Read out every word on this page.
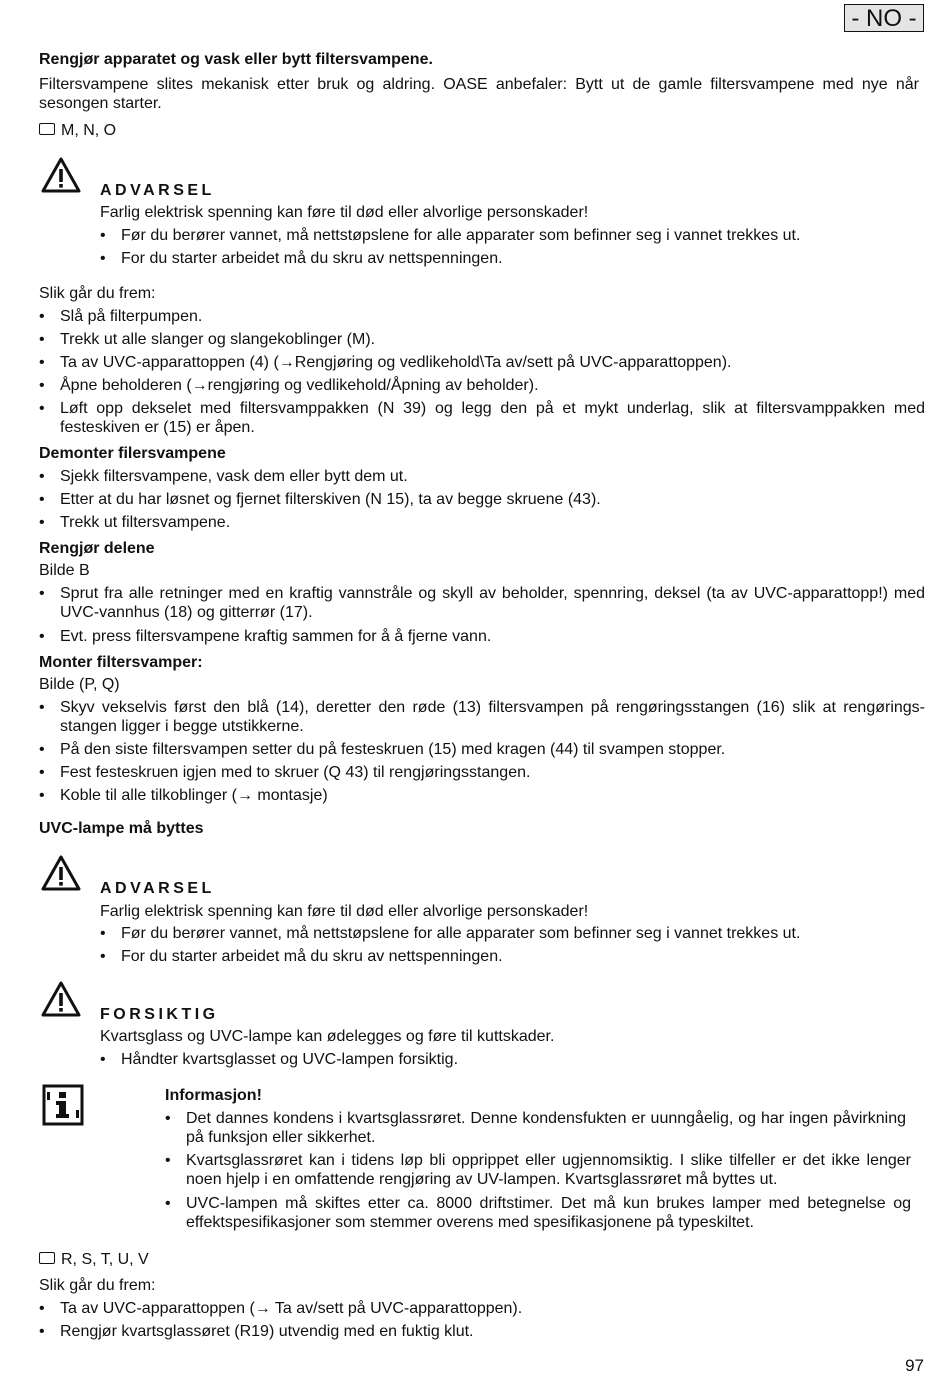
- NO -
Rengjør apparatet og vask eller bytt filtersvampene.
Filtersvampene slites mekanisk etter bruk og aldring. OASE anbefaler: Bytt ut de gamle filtersvampene med nye når sesongen starter.
M, N, O
ADVARSEL
Farlig elektrisk spenning kan føre til død eller alvorlige personskader!
• Før du berører vannet, må nettstøpslene for alle apparater som befinner seg i vannet trekkes ut.
• For du starter arbeidet må du skru av nettspenningen.
Slik går du frem:
• Slå på filterpumpen.
• Trekk ut alle slanger og slangekoblinger (M).
• Ta av UVC-apparattoppen (4) (→Rengjøring og vedlikehold\Ta av/sett på UVC-apparattoppen).
• Åpne beholderen (→rengjøring og vedlikehold/Åpning av beholder).
• Løft opp dekselet med filtersvamppakken (N 39) og legg den på et mykt underlag, slik at filtersvamppakken med festeskiven er (15) er åpen.
Demonter filersvampene
• Sjekk filtersvampene, vask dem eller bytt dem ut.
• Etter at du har løsnet og fjernet filterskiven (N 15), ta av begge skruene (43).
• Trekk ut filtersvampene.
Rengjør delene
Bilde B
• Sprut fra alle retninger med en kraftig vannstråle og skyll av beholder, spennring, deksel (ta av UVC-apparattopp!) med UVC-vannhus (18) og gitterrør (17).
• Evt. press filtersvampene kraftig sammen for å å fjerne vann.
Monter filtersvamper:
Bilde (P, Q)
• Skyv vekselvis først den blå (14), deretter den røde (13) filtersvampen på rengøringsstangen (16) slik at rengørings-stangen ligger i begge utstikkerne.
• På den siste filtersvampen setter du på festeskruen (15) med kragen (44) til svampen stopper.
• Fest festeskruen igjen med to skruer (Q 43) til rengjøringsstangen.
• Koble til alle tilkoblinger (→ montasje)
UVC-lampe må byttes
ADVARSEL
Farlig elektrisk spenning kan føre til død eller alvorlige personskader!
• Før du berører vannet, må nettstøpslene for alle apparater som befinner seg i vannet trekkes ut.
• For du starter arbeidet må du skru av nettspenningen.
FORSIKTIG
Kvartsglass og UVC-lampe kan ødelegges og føre til kuttskader.
• Håndter kvartsglasset og UVC-lampen forsiktig.
Informasjon!
• Det dannes kondens i kvartsglassrøret. Denne kondensfukten er uunngåelig, og har ingen påvirkning på funksjon eller sikkerhet.
• Kvartsglassrøret kan i tidens løp bli opprippet eller ugjennomsiktig. I slike tilfeller er det ikke lenger noen hjelp i en omfattende rengjøring av UV-lampen. Kvartsglassrøret må byttes ut.
• UVC-lampen må skiftes etter ca. 8000 driftstimer. Det må kun brukes lamper med betegnelse og effektspesifikasjoner som stemmer overens med spesifikasjonene på typeskiltet.
R, S, T, U, V
Slik går du frem:
• Ta av UVC-apparattoppen (→ Ta av/sett på UVC-apparattoppen).
• Rengjør kvartsglassøret (R19) utvendig med en fuktig klut.
97
